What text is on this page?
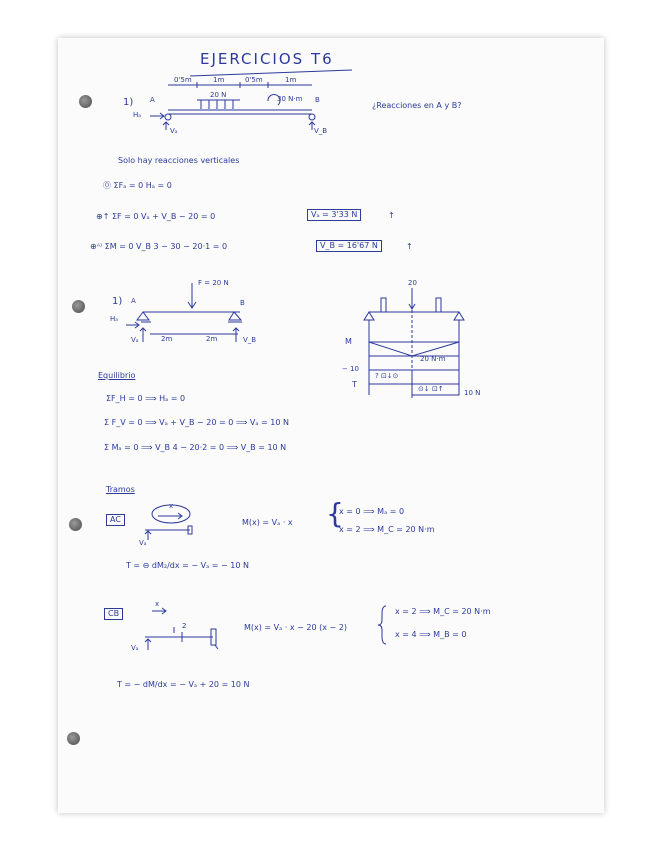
EJERCICIOS T6
1) A	B
Hₐ
Vₐ	V_B
0'5m	1m	0'5m	1m
20 N	30 N·m
¿Reacciones en A y B?
Solo hay reacciones verticales
⓪ ΣFₐ = 0 Hₐ = 0
⊕↑ ΣF = 0 Vₐ + V_B − 20 = 0	Vₐ = 3'33 N	↑
⊕ᴬ⁾ ΣM = 0 V_B 3 − 30 − 20·1 = 0	V_B = 16'67 N	↑
1)
F = 20 N
A	B
Hₐ
Vₐ	V_B
2m	2m
Equilibrio
ΣF_H = 0 ⟹ Hₐ = 0
Σ F_V = 0 ⟹ Vₐ + V_B − 20 = 0 ⟹ Vₐ = 10 N
Σ Mₐ = 0 ⟹ V_B 4 − 20·2 = 0 ⟹ V_B = 10 N
20
M
20 N·m
− 10
T
? ⊡↓⊙
⊙↓ ⊡↑	10 N
Tramos
AC
x
Vₐ
M(x) = Vₐ · x {
x = 0 ⟹ Mₐ = 0
x = 2 ⟹ M_C = 20 N·m
T = ⊖ dM₂/dx = − Vₐ = − 10 N
CB
x
2
Vₐ
M(x) = Vₐ · x − 20 (x − 2)
x = 2 ⟹ M_C = 20 N·m
x = 4 ⟹ M_B = 0
T = − dM/dx = − Vₐ + 20 = 10 N
